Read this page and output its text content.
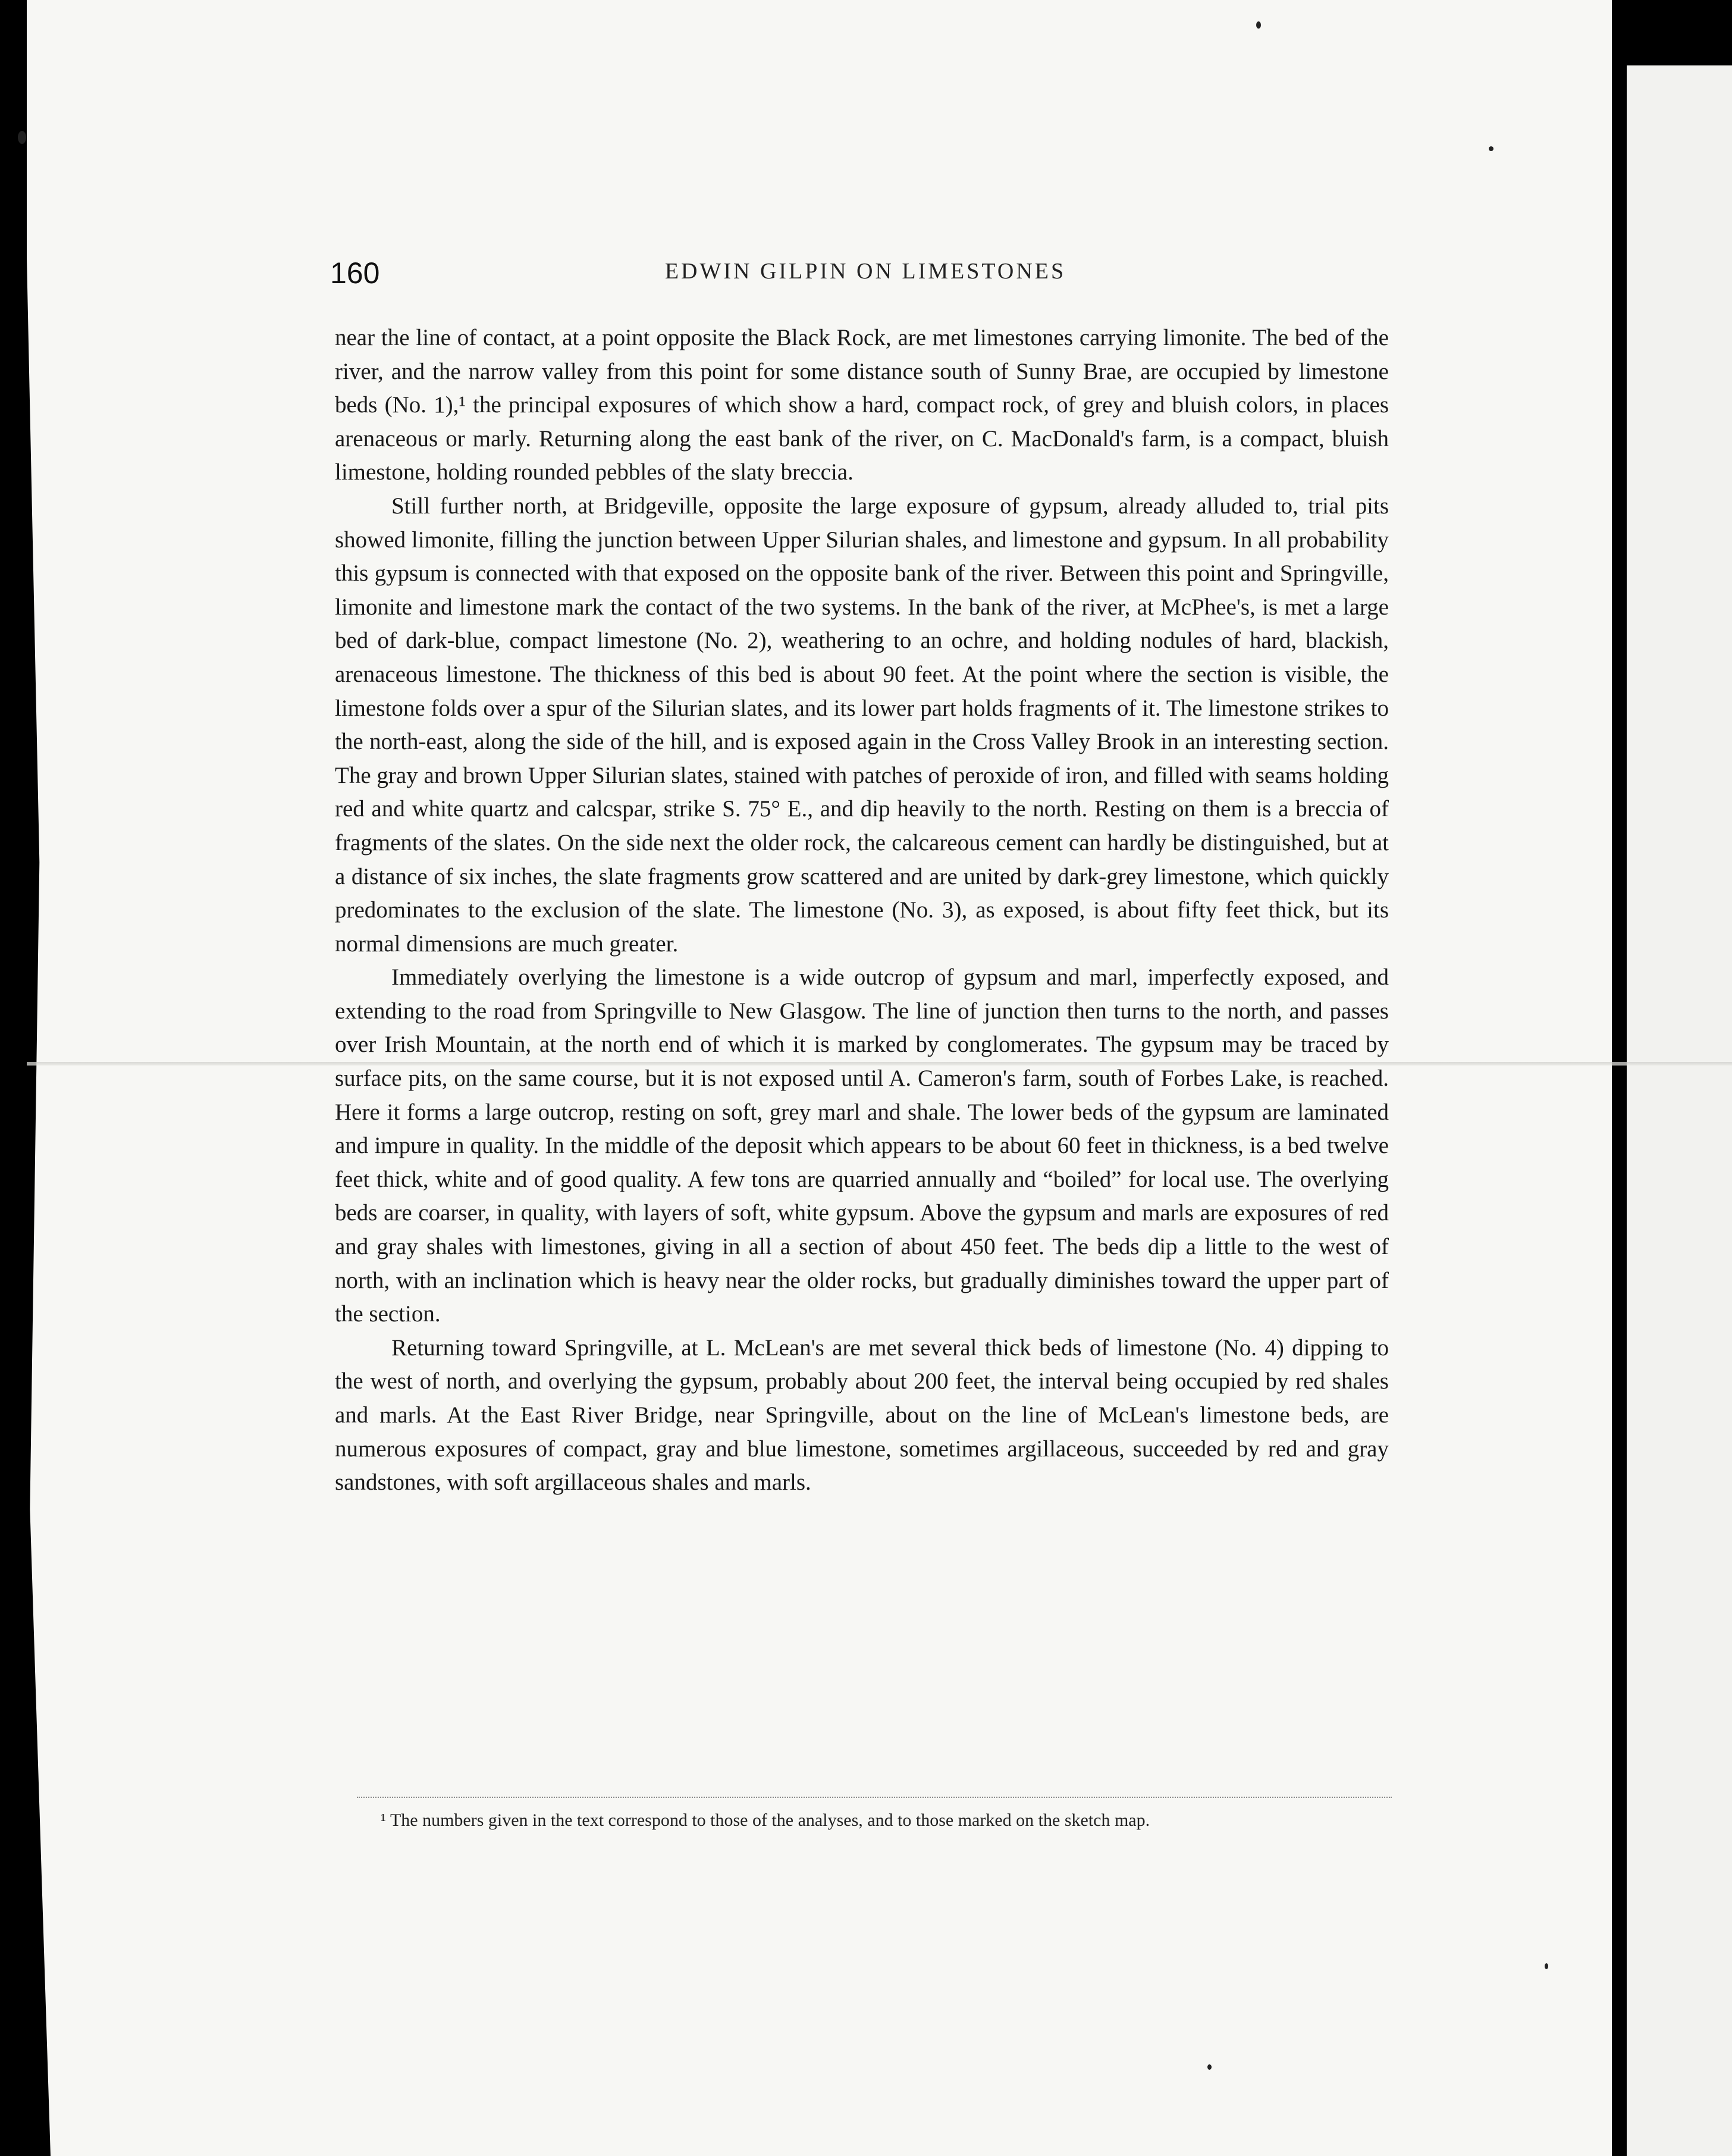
160	EDWIN GILPIN ON LIMESTONES

near the line of contact, at a point opposite the Black Rock, are met limestones carrying limonite. The bed of the river, and the narrow valley from this point for some distance south of Sunny Brae, are occupied by limestone beds (No. 1),¹ the principal exposures of which show a hard, compact rock, of grey and bluish colors, in places arenaceous or marly. Returning along the east bank of the river, on C. MacDonald's farm, is a compact, bluish limestone, holding rounded pebbles of the slaty breccia.

Still further north, at Bridgeville, opposite the large exposure of gypsum, already alluded to, trial pits showed limonite, filling the junction between Upper Silurian shales, and limestone and gypsum. In all probability this gypsum is connected with that exposed on the opposite bank of the river. Between this point and Springville, limonite and limestone mark the contact of the two systems. In the bank of the river, at McPhee's, is met a large bed of dark-blue, compact limestone (No. 2), weathering to an ochre, and holding nodules of hard, blackish, arenaceous limestone. The thickness of this bed is about 90 feet. At the point where the section is visible, the limestone folds over a spur of the Silurian slates, and its lower part holds fragments of it. The limestone strikes to the north-east, along the side of the hill, and is exposed again in the Cross Valley Brook in an interesting section. The gray and brown Upper Silurian slates, stained with patches of peroxide of iron, and filled with seams holding red and white quartz and calcspar, strike S. 75° E., and dip heavily to the north. Resting on them is a breccia of fragments of the slates. On the side next the older rock, the calcareous cement can hardly be distinguished, but at a distance of six inches, the slate fragments grow scattered and are united by dark-grey limestone, which quickly predominates to the exclusion of the slate. The limestone (No. 3), as exposed, is about fifty feet thick, but its normal dimensions are much greater.

Immediately overlying the limestone is a wide outcrop of gypsum and marl, imperfectly exposed, and extending to the road from Springville to New Glasgow. The line of junction then turns to the north, and passes over Irish Mountain, at the north end of which it is marked by conglomerates. The gypsum may be traced by surface pits, on the same course, but it is not exposed until A. Cameron's farm, south of Forbes Lake, is reached. Here it forms a large outcrop, resting on soft, grey marl and shale. The lower beds of the gypsum are laminated and impure in quality. In the middle of the deposit which appears to be about 60 feet in thickness, is a bed twelve feet thick, white and of good quality. A few tons are quarried annually and “boiled” for local use. The overlying beds are coarser, in quality, with layers of soft, white gypsum. Above the gypsum and marls are exposures of red and gray shales with limestones, giving in all a section of about 450 feet. The beds dip a little to the west of north, with an inclination which is heavy near the older rocks, but gradually diminishes toward the upper part of the section.

Returning toward Springville, at L. McLean's are met several thick beds of limestone (No. 4) dipping to the west of north, and overlying the gypsum, probably about 200 feet, the interval being occupied by red shales and marls. At the East River Bridge, near Springville, about on the line of McLean's limestone beds, are numerous exposures of compact, gray and blue limestone, sometimes argillaceous, succeeded by red and gray sandstones, with soft argillaceous shales and marls.

¹ The numbers given in the text correspond to those of the analyses, and to those marked on the sketch map.
